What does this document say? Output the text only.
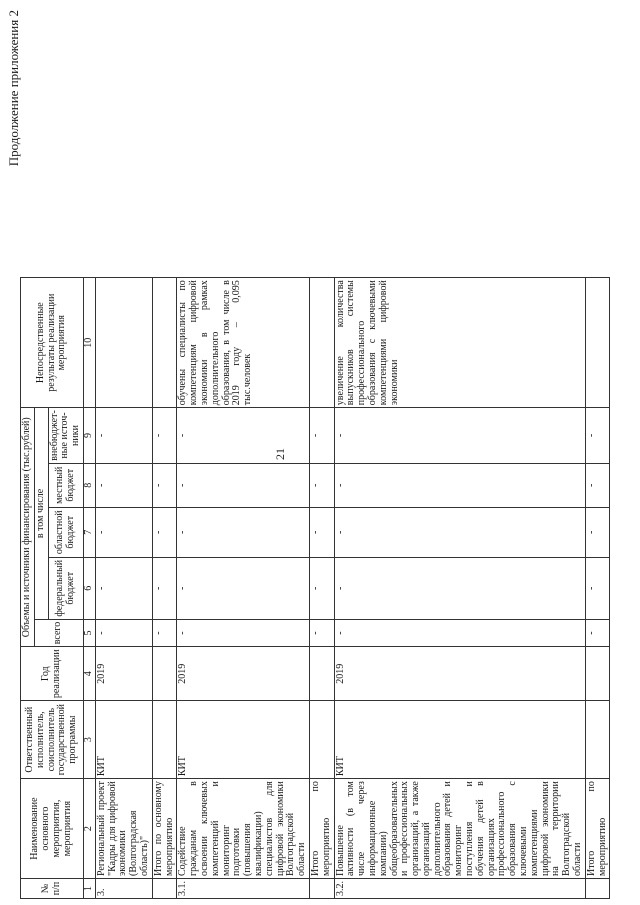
21
Продолжение приложения 2
№ п/п	Наименование основного мероприятия, мероприятия	Ответственный исполнитель, соисполнитель государственной программы	Год реализации	Объемы и источники финансирования (тыс.рублей)					Непосредственные результаты реализации мероприятия
				всего	в том числе				
					федеральный бюджет	областной бюджет	местный бюджет	внебюджет-ные источ-ники	
1	2	3	4	5	6	7	8	9	10
3.	Региональный проект "Кадры для цифровой экономики (Волгоградская область)"	КИТ	2019	-	-	-	-	-	
	Итого по основному мероприятию			-	-	-	-	-	
3.1.	Содействие гражданам в освоении ключевых компетенций и мониторинг подготовки (повышения квалификации) специалистов для цифровой экономики Волгоградской области	КИТ	2019	-	-	-	-	-	обучены специалисты по компетенциям цифровой экономики в рамках дополнительного образования, в том числе в 2019 году – 0,095 тыс.человек
	Итого по мероприятию			-	-	-	-	-	
3.2.	Повышение активности (в том числе через информационные компании) общеобразовательных и профессиональных организаций, а также организаций дополнительного образования детей и мониторинг поступления и обучения детей в организациях профессионального образования с ключевыми компетенциями цифровой экономики на территории Волгоградской области	КИТ	2019	-	-	-	-	-	увеличение количества выпускников системы профессионального образования с ключевыми компетенциями цифровой экономики
	Итого по мероприятию			-	-	-	-	-	
